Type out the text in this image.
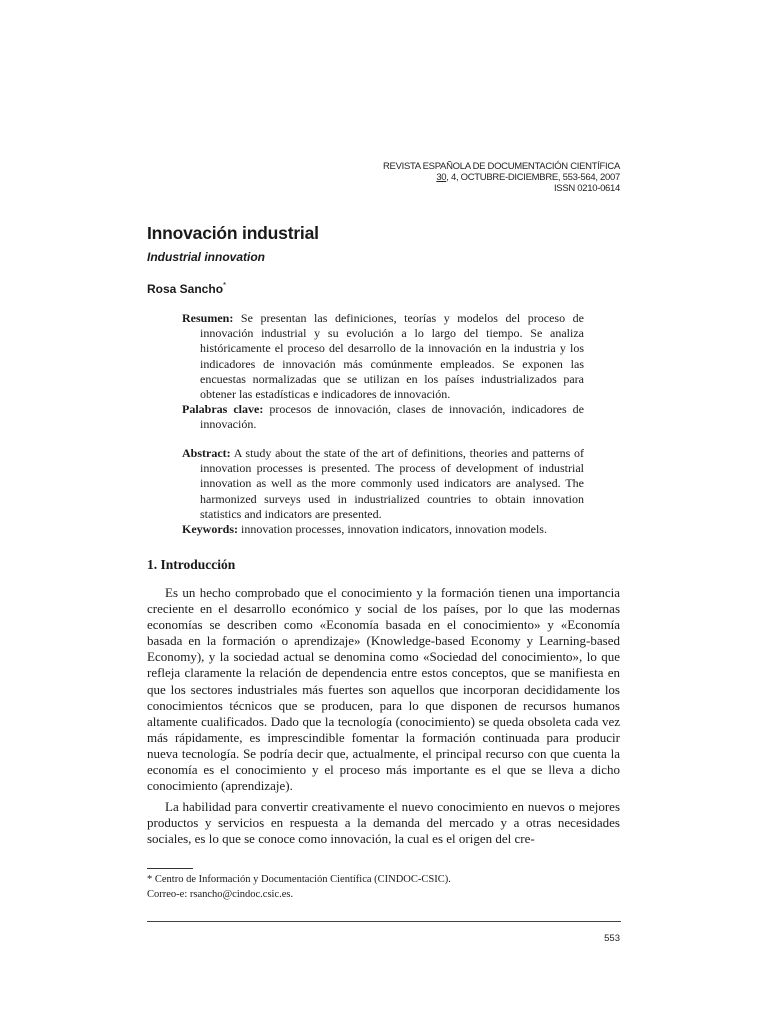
REVISTA ESPAÑOLA DE DOCUMENTACIÓN CIENTÍFICA
30, 4, OCTUBRE-DICIEMBRE, 553-564, 2007
ISSN 0210-0614
Innovación industrial
Industrial innovation
Rosa Sancho*

Resumen: Se presentan las definiciones, teorías y modelos del proceso de innovación industrial y su evolución a lo largo del tiempo. Se analiza históricamente el proceso del desarrollo de la innovación en la industria y los indicadores de innovación más comúnmente empleados. Se exponen las encuestas normalizadas que se utilizan en los países industrializados para obtener las estadísticas e indicadores de innovación.

Palabras clave: procesos de innovación, clases de innovación, indicadores de innovación.

Abstract: A study about the state of the art of definitions, theories and patterns of innovation processes is presented. The process of development of industrial innovation as well as the more commonly used indicators are analysed. The harmonized surveys used in industrialized countries to obtain innovation statistics and indicators are presented.

Keywords: innovation processes, innovation indicators, innovation models.

1. Introducción

Es un hecho comprobado que el conocimiento y la formación tienen una importancia creciente en el desarrollo económico y social de los países, por lo que las modernas economías se describen como «Economía basada en el conocimiento» y «Economía basada en la formación o aprendizaje» (Knowledge-based Economy y Learning-based Economy), y la sociedad actual se denomina como «Sociedad del conocimiento», lo que refleja claramente la relación de dependencia entre estos conceptos, que se manifiesta en que los sectores industriales más fuertes son aquellos que incorporan decididamente los conocimientos técnicos que se producen, para lo que disponen de recursos humanos altamente cualificados. Dado que la tecnología (conocimiento) se queda obsoleta cada vez más rápidamente, es imprescindible fomentar la formación continuada para producir nueva tecnología. Se podría decir que, actualmente, el principal recurso con que cuenta la economía es el conocimiento y el proceso más importante es el que se lleva a dicho conocimiento (aprendizaje).

La habilidad para convertir creativamente el nuevo conocimiento en nuevos o mejores productos y servicios en respuesta a la demanda del mercado y a otras necesidades sociales, es lo que se conoce como innovación, la cual es el origen del cre-

* Centro de Información y Documentación Científica (CINDOC-CSIC).
Correo-e: rsancho@cindoc.csic.es.
553
